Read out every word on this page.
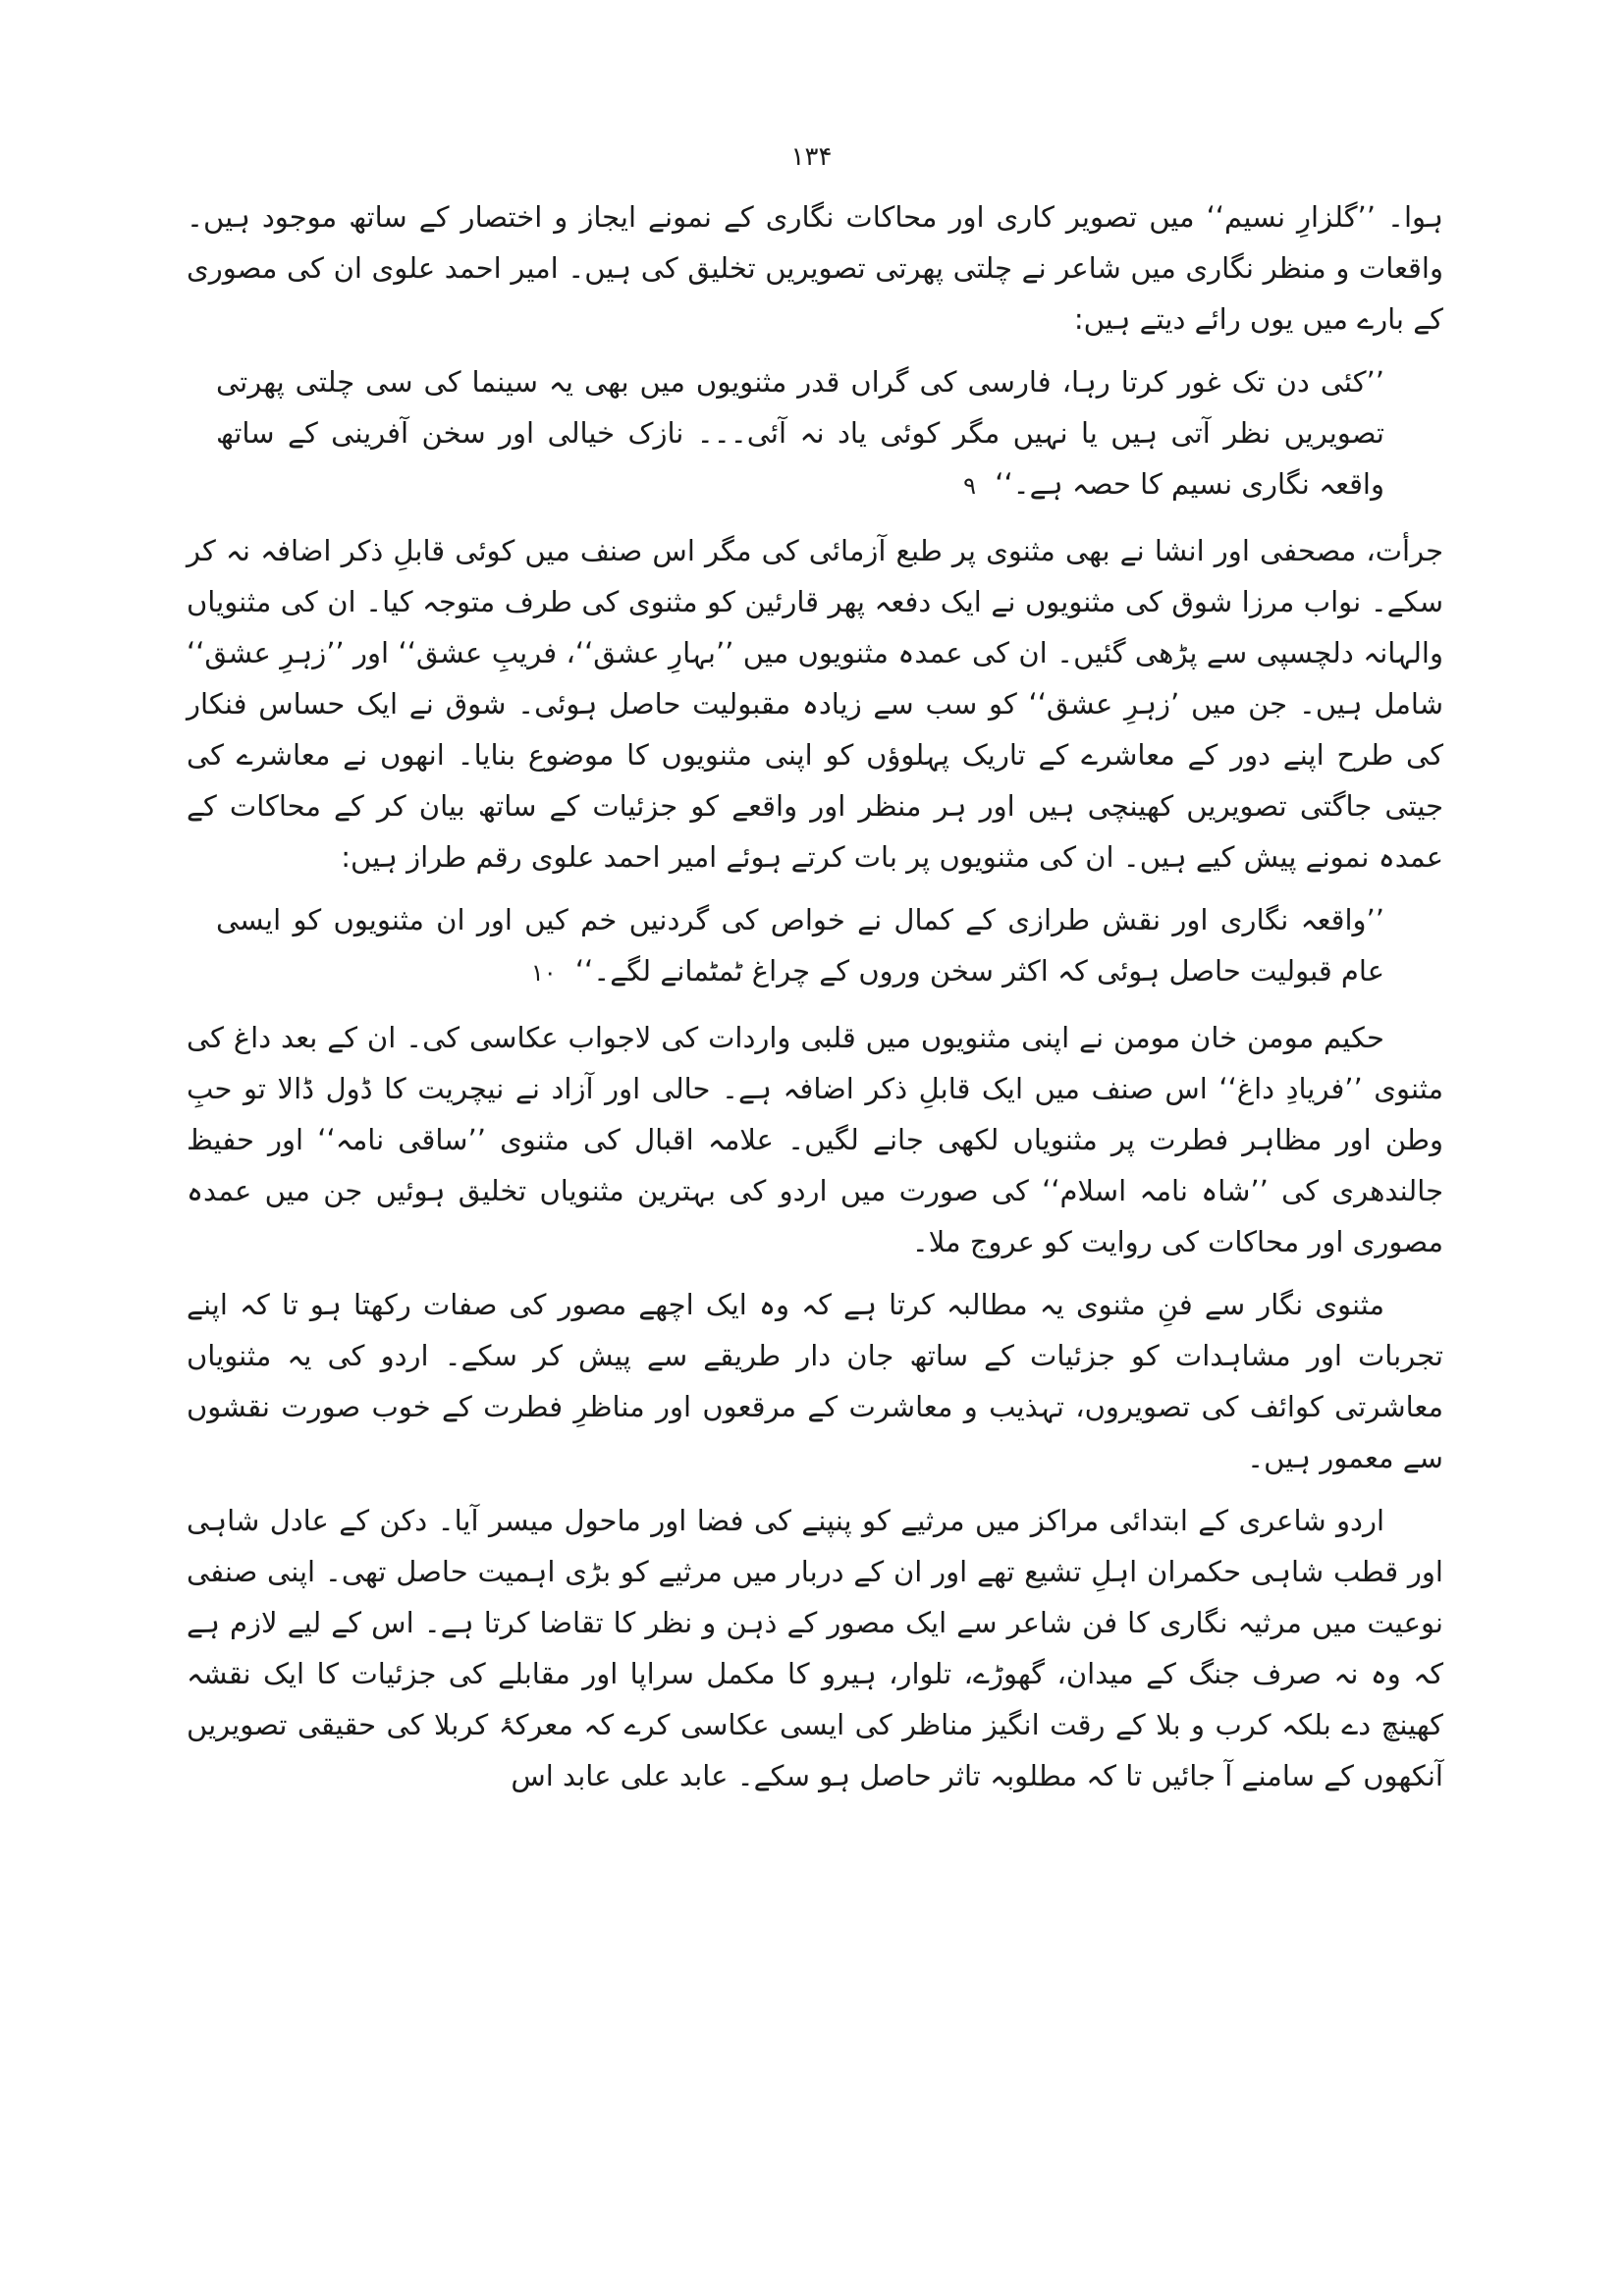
۱۳۴

ہوا۔ ’’گلزارِ نسیم‘‘ میں تصویر کاری اور محاکات نگاری کے نمونے ایجاز و اختصار کے ساتھ موجود ہیں۔ واقعات و منظر نگاری میں شاعر نے چلتی پھرتی تصویریں تخلیق کی ہیں۔ امیر احمد علوی ان کی مصوری کے بارے میں یوں رائے دیتے ہیں:

’’کئی دن تک غور کرتا رہا، فارسی کی گراں قدر مثنویوں میں بھی یہ سینما کی سی چلتی پھرتی تصویریں نظر آتی ہیں یا نہیں مگر کوئی یاد نہ آئی۔۔۔ نازک خیالی اور سخن آفرینی کے ساتھ واقعہ نگاری نسیم کا حصہ ہے۔‘‘ ۹

جرأت، مصحفی اور انشا نے بھی مثنوی پر طبع آزمائی کی مگر اس صنف میں کوئی قابلِ ذکر اضافہ نہ کر سکے۔ نواب مرزا شوق کی مثنویوں نے ایک دفعہ پھر قارئین کو مثنوی کی طرف متوجہ کیا۔ ان کی مثنویاں والہانہ دلچسپی سے پڑھی گئیں۔ ان کی عمدہ مثنویوں میں ’’بہارِ عشق‘‘، فریبِ عشق‘‘ اور ’’زہرِ عشق‘‘ شامل ہیں۔ جن میں ’زہرِ عشق‘‘ کو سب سے زیادہ مقبولیت حاصل ہوئی۔ شوق نے ایک حساس فنکار کی طرح اپنے دور کے معاشرے کے تاریک پہلوؤں کو اپنی مثنویوں کا موضوع بنایا۔ انھوں نے معاشرے کی جیتی جاگتی تصویریں کھینچی ہیں اور ہر منظر اور واقعے کو جزئیات کے ساتھ بیان کر کے محاکات کے عمدہ نمونے پیش کیے ہیں۔ ان کی مثنویوں پر بات کرتے ہوئے امیر احمد علوی رقم طراز ہیں:

’’واقعہ نگاری اور نقش طرازی کے کمال نے خواص کی گردنیں خم کیں اور ان مثنویوں کو ایسی عام قبولیت حاصل ہوئی کہ اکثر سخن وروں کے چراغ ٹمٹمانے لگے۔‘‘ ۱۰

حکیم مومن خان مومن نے اپنی مثنویوں میں قلبی واردات کی لاجواب عکاسی کی۔ ان کے بعد داغ کی مثنوی ’’فریادِ داغ‘‘ اس صنف میں ایک قابلِ ذکر اضافہ ہے۔ حالی اور آزاد نے نیچریت کا ڈول ڈالا تو حبِ وطن اور مظاہر فطرت پر مثنویاں لکھی جانے لگیں۔ علامہ اقبال کی مثنوی ’’ساقی نامہ‘‘ اور حفیظ جالندھری کی ’’شاہ نامہ اسلام‘‘ کی صورت میں اردو کی بہترین مثنویاں تخلیق ہوئیں جن میں عمدہ مصوری اور محاکات کی روایت کو عروج ملا۔

مثنوی نگار سے فنِ مثنوی یہ مطالبہ کرتا ہے کہ وہ ایک اچھے مصور کی صفات رکھتا ہو تا کہ اپنے تجربات اور مشاہدات کو جزئیات کے ساتھ جان دار طریقے سے پیش کر سکے۔ اردو کی یہ مثنویاں معاشرتی کوائف کی تصویروں، تہذیب و معاشرت کے مرقعوں اور مناظرِ فطرت کے خوب صورت نقشوں سے معمور ہیں۔

اردو شاعری کے ابتدائی مراکز میں مرثیے کو پنپنے کی فضا اور ماحول میسر آیا۔ دکن کے عادل شاہی اور قطب شاہی حکمران اہلِ تشیع تھے اور ان کے دربار میں مرثیے کو بڑی اہمیت حاصل تھی۔ اپنی صنفی نوعیت میں مرثیہ نگاری کا فن شاعر سے ایک مصور کے ذہن و نظر کا تقاضا کرتا ہے۔ اس کے لیے لازم ہے کہ وہ نہ صرف جنگ کے میدان، گھوڑے، تلوار، ہیرو کا مکمل سراپا اور مقابلے کی جزئیات کا ایک نقشہ کھینچ دے بلکہ کرب و بلا کے رقت انگیز مناظر کی ایسی عکاسی کرے کہ معرکۂ کربلا کی حقیقی تصویریں آنکھوں کے سامنے آ جائیں تا کہ مطلوبہ تاثر حاصل ہو سکے۔ عابد علی عابد اس
